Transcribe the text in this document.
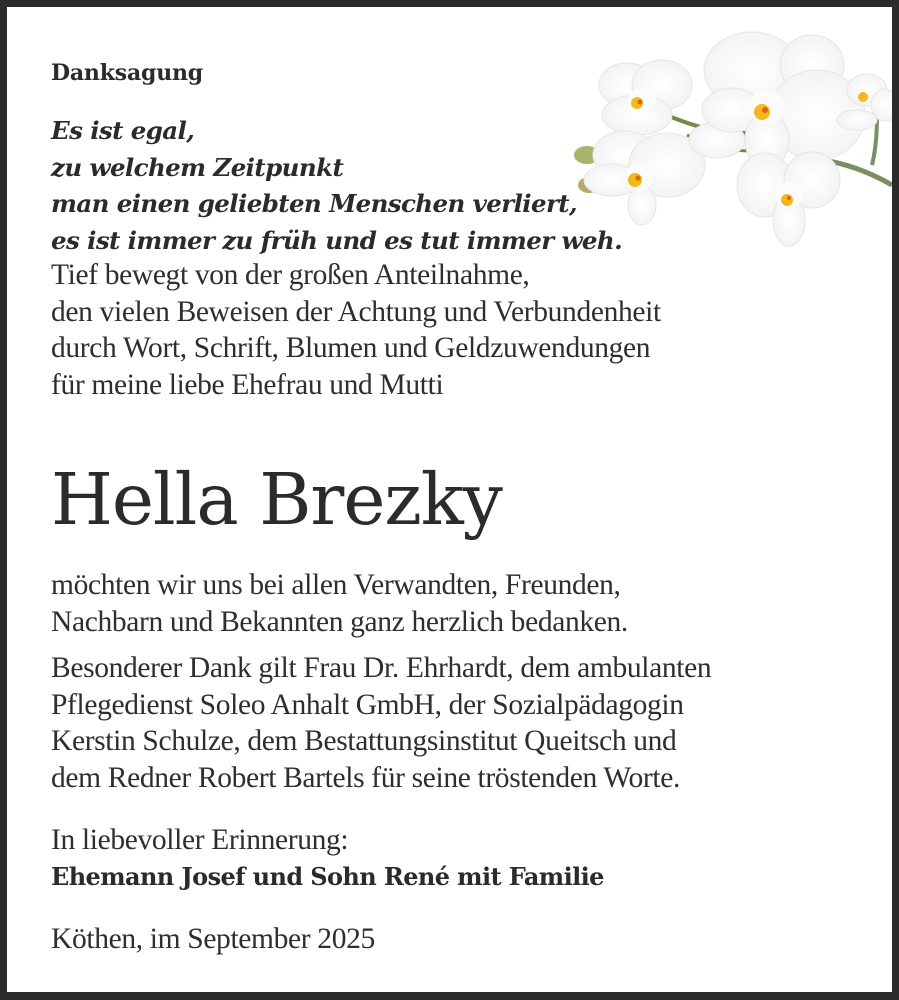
Danksagung
Es ist egal,
zu welchem Zeitpunkt
man einen geliebten Menschen verliert,
es ist immer zu früh und es tut immer weh.
Tief bewegt von der großen Anteilnahme,
den vielen Beweisen der Achtung und Verbundenheit
durch Wort, Schrift, Blumen und Geldzuwendungen
für meine liebe Ehefrau und Mutti
Hella Brezky
möchten wir uns bei allen Verwandten, Freunden,
Nachbarn und Bekannten ganz herzlich bedanken.
Besonderer Dank gilt Frau Dr. Ehrhardt, dem ambulanten
Pflegedienst Soleo Anhalt GmbH, der Sozialpädagogin
Kerstin Schulze, dem Bestattungsinstitut Queitsch und
dem Redner Robert Bartels für seine tröstenden Worte.
In liebevoller Erinnerung:
Ehemann Josef und Sohn René mit Familie
Köthen, im September 2025
